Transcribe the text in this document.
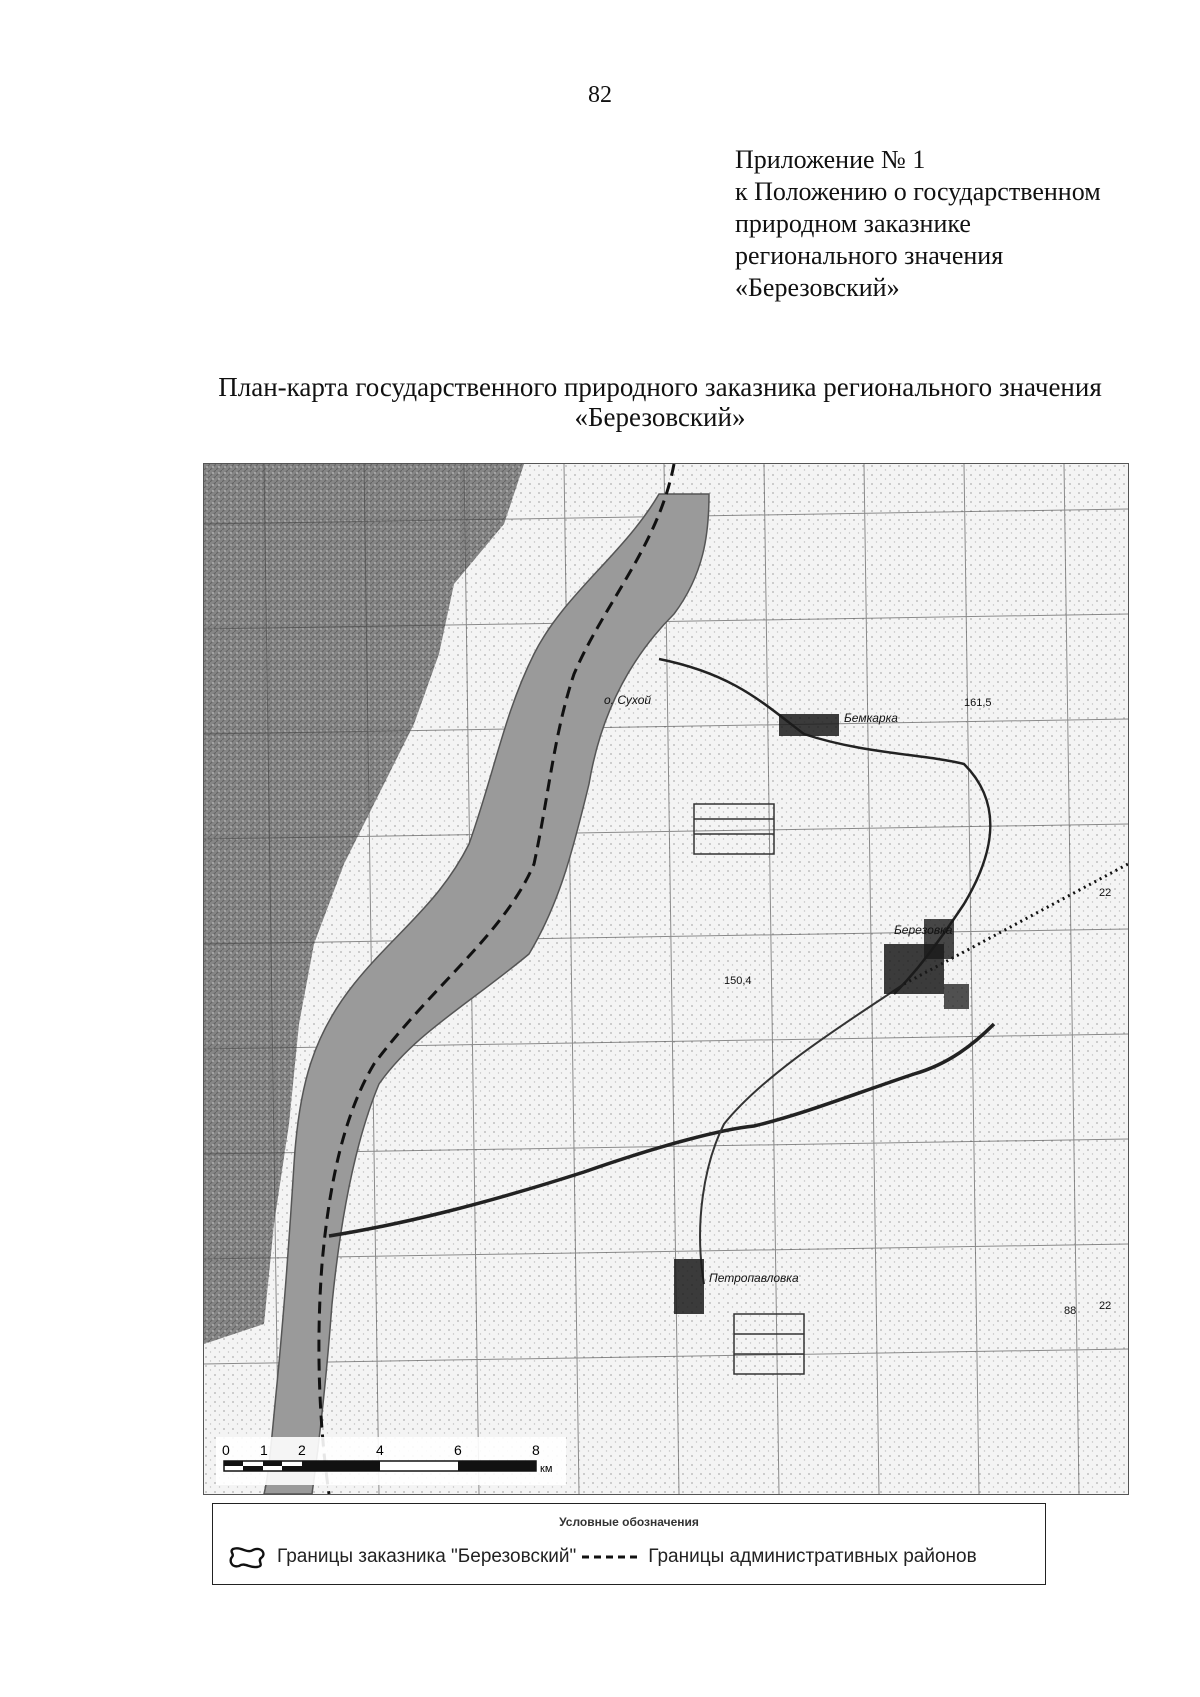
82
Приложение № 1
к Положению о государственном
природном заказнике
регионального значения
«Березовский»
План-карта государственного природного заказника регионального значения
«Березовский»
Бемкарка
Березовка
Петропавловка
о. Сухой	161,5
150,4
22
88 22
0 1 2	4	6	8
км
Условные обозначения
Границы заказника "Березовский"	Границы административных районов
